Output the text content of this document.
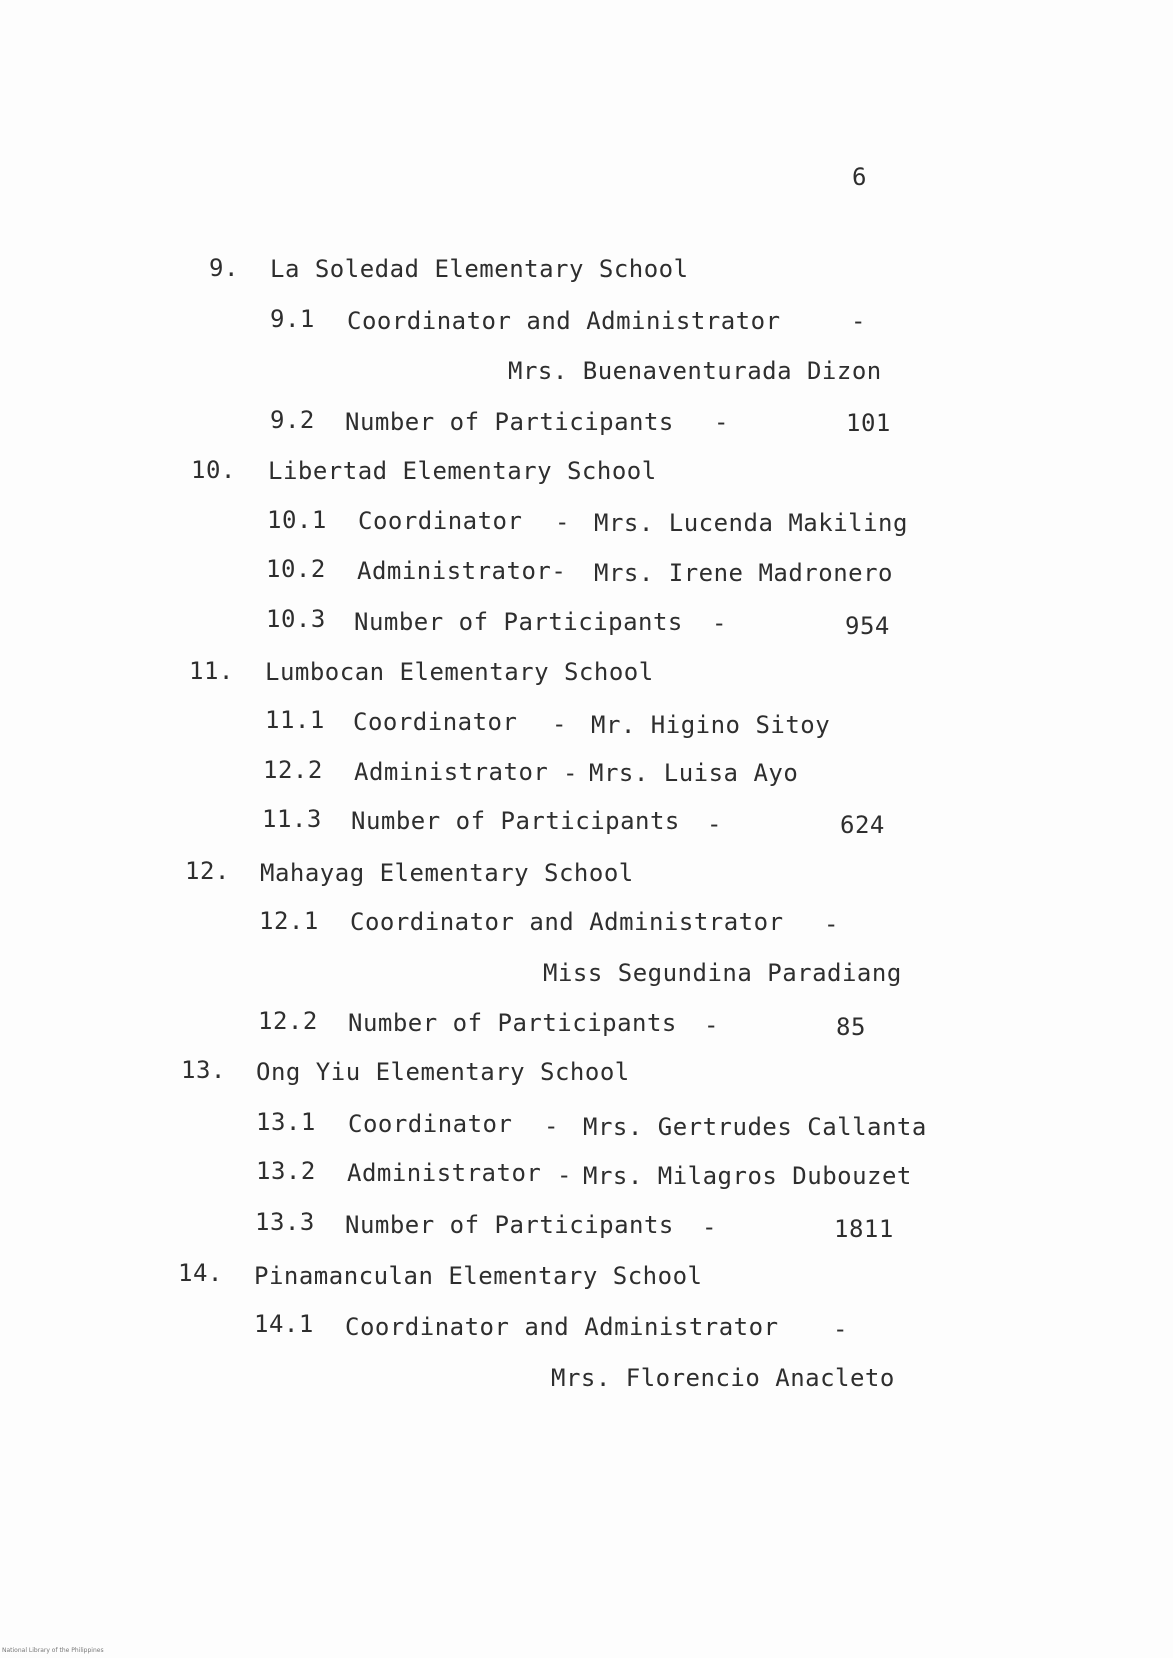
6
9. La Soledad Elementary School
9.1 Coordinator and Administrator	-
Mrs. Buenaventurada Dizon
9.2 Number of Participants -	101
10. Libertad Elementary School
10.1 Coordinator - Mrs. Lucenda Makiling
10.2 Administrator- Mrs. Irene Madronero
10.3 Number of Participants -	954
11. Lumbocan Elementary School
11.1 Coordinator - Mr. Higino Sitoy
12.2 Administrator - Mrs. Luisa Ayo
11.3 Number of Participants -	624
12. Mahayag Elementary School
12.1 Coordinator and Administrator -
Miss Segundina Paradiang
12.2 Number of Participants -	85
13. Ong Yiu Elementary School
13.1 Coordinator - Mrs. Gertrudes Callanta
13.2 Administrator - Mrs. Milagros Dubouzet
13.3 Number of Participants -	1811
14. Pinamanculan Elementary School
14.1 Coordinator and Administrator -
Mrs. Florencio Anacleto
National Library of the Philippines
